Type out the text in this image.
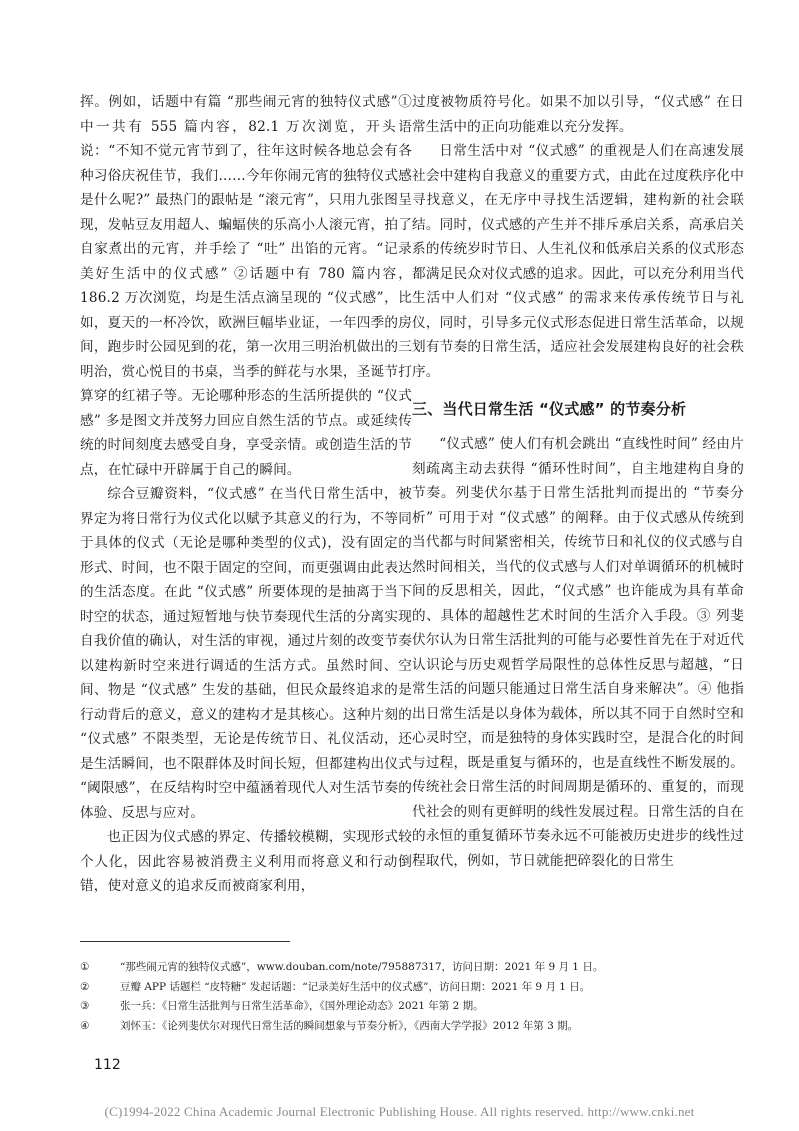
挥。例如，话题中有篇 “那些闹元宵的独特仪式感”① 中一共有 555 篇内容，82.1 万次浏览，开头语说：“不知不觉元宵节到了，往年这时候各地总会有各种习俗庆祝佳节，我们……今年你闹元宵的独特仪式感是什么呢?” 最热门的跟帖是 “滚元宵”，只用九张图呈现，发帖豆友用超人、蝙蝠侠的乐高小人滚元宵，拍了自家煮出的元宵，并手绘了 “吐” 出馅的元宵。“记录美好生活中的仪式感” ②话题中有 780 篇内容，186.2 万次浏览，均是生活点滴呈现的 “仪式感”，比如，夏天的一杯冷饮，欧洲巨幅毕业证，一年四季的房间，跑步时公园见到的花，第一次用三明治机做出的三明治，赏心悦目的书桌，当季的鲜花与水果，圣诞节打算穿的红裙子等。无论哪种形态的生活所提供的 “仪式感” 多是图文并茂努力回应自然生活的节点。或延续传统的时间刻度去感受自身，享受亲情。或创造生活的节点，在忙碌中开辟属于自己的瞬间。

综合豆瓣资料，“仪式感” 在当代日常生活中，被界定为将日常行为仪式化以赋予其意义的行为，不等同于具体的仪式（无论是哪种类型的仪式)，没有固定的形式、时间，也不限于固定的空间，而更强调由此表达的生活态度。在此 “仪式感” 所要体现的是抽离于当下时空的状态，通过短暂地与快节奏现代生活的分离实现自我价值的确认，对生活的审视，通过片刻的改变节奏以建构新时空来进行调适的生活方式。虽然时间、空间、物是 “仪式感” 生发的基础，但民众最终追求的是行动背后的意义，意义的建构才是其核心。这种片刻的 “仪式感” 不限类型，无论是传统节日、礼仪活动，还是生活瞬间，也不限群体及时间长短，但都建构出仪式 “阈限感”，在反结构时空中蕴涵着现代人对生活节奏的体验、反思与应对。

也正因为仪式感的界定、传播较模糊，实现形式较个人化，因此容易被消费主义利用而将意义和行动倒错，使对意义的追求反而被商家利用，

过度被物质符号化。如果不加以引导，“仪式感” 在日常生活中的正向功能难以充分发挥。

日常生活中对 “仪式感” 的重视是人们在高速发展社会中建构自我意义的重要方式，由此在过度秩序化中寻找意义，在无序中寻找生活逻辑，建构新的社会联结。同时，仪式感的产生并不排斥承启关系，高承启关系的传统岁时节日、人生礼仪和低承启关系的仪式形态都满足民众对仪式感的追求。因此，可以充分利用当代生活中人们对 “仪式感” 的需求来传承传统节日与礼仪，同时，引导多元仪式形态促进日常生活革命，以规划有节奏的日常生活，适应社会发展建构良好的社会秩序。

三、当代日常生活 “仪式感” 的节奏分析

“仪式感” 使人们有机会跳出 “直线性时间” 经由片刻疏离主动去获得 “循环性时间”，自主地建构自身的节奏。列斐伏尔基于日常生活批判而提出的 “节奏分析” 可用于对 “仪式感” 的阐释。由于仪式感从传统到当代都与时间紧密相关，传统节日和礼仪的仪式感与自然时间相关，当代的仪式感与人们对单调循环的机械时间的反思相关，因此，“仪式感” 也许能成为具有革命的、具体的超越性艺术时间的生活介入手段。③ 列斐伏尔认为日常生活批判的可能与必要性首先在于对近代认识论与历史观哲学局限性的总体性反思与超越，“日常生活的问题只能通过日常生活自身来解决”。④ 他指出日常生活是以身体为载体，所以其不同于自然时空和心灵时空，而是独特的身体实践时空，是混合化的时间与过程，既是重复与循环的，也是直线性不断发展的。传统社会日常生活的时间周期是循环的、重复的，而现代社会的则有更鲜明的线性发展过程。日常生活的自在的永恒的重复循环节奏永远不可能被历史进步的线性过程取代，例如，节日就能把碎裂化的日常生

①	“那些闹元宵的独特仪式感”，www.douban.com/note/795887317，访问日期：2021 年 9 月 1 日。
②	豆瓣 APP 话题栏 “皮特糖” 发起话题：“记录美好生活中的仪式感”，访问日期：2021 年 9 月 1 日。
③	张一兵：《日常生活批判与日常生活革命》，《国外理论动态》2021 年第 2 期。
④	刘怀玉：《论列斐伏尔对现代日常生活的瞬间想象与节奏分析》，《西南大学学报》2012 年第 3 期。
112
(C)1994-2022 China Academic Journal Electronic Publishing House. All rights reserved. http://www.cnki.net
